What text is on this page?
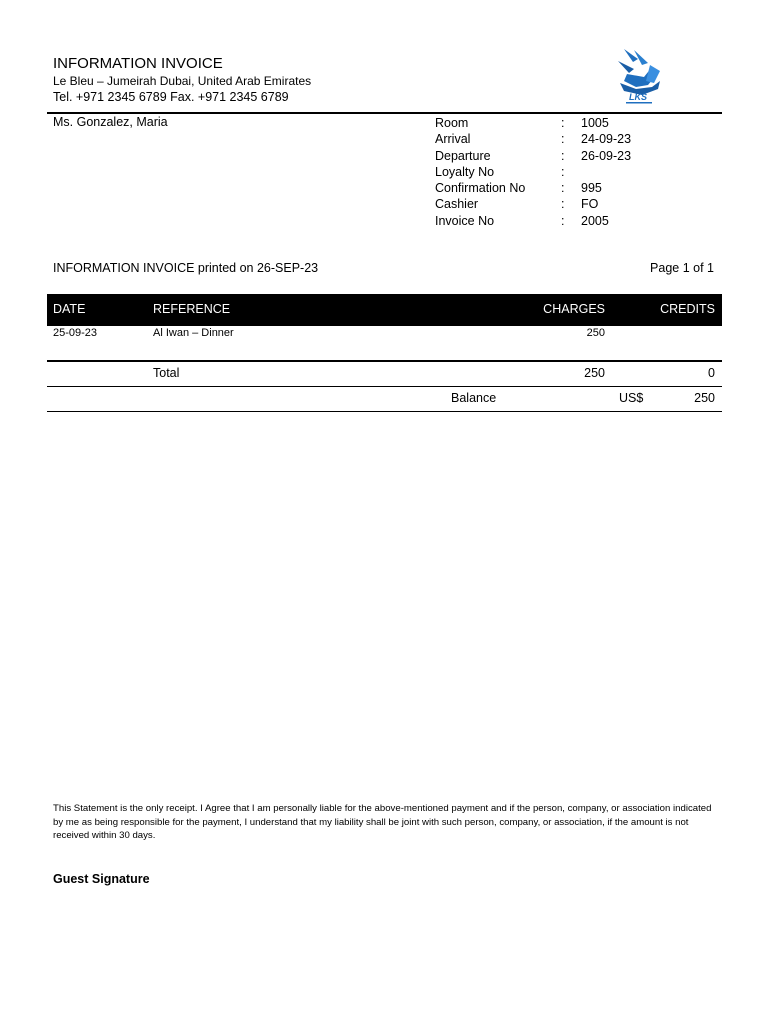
INFORMATION INVOICE
Le Bleu – Jumeirah Dubai, United Arab Emirates
Tel. +971 2345 6789 Fax. +971 2345 6789	LKS
Ms. Gonzalez, Maria	Room	: 1005
Arrival	: 24-09-23
Departure	: 26-09-23
Loyalty No	:
Confirmation No	: 995
Cashier	: FO
Invoice No	: 2005
INFORMATION INVOICE printed on 26-SEP-23	Page 1 of 1
DATE	REFERENCE	CHARGES	CREDITS
25-09-23	Al Iwan – Dinner	250
Total	250	0
Balance	US$	250
This Statement is the only receipt. I Agree that I am personally liable for the above-mentioned payment and if the person, company, or association indicated by me as being responsible for the payment, I understand that my liability shall be joint with such person, company, or association, if the amount is not received within 30 days.
Guest Signature
